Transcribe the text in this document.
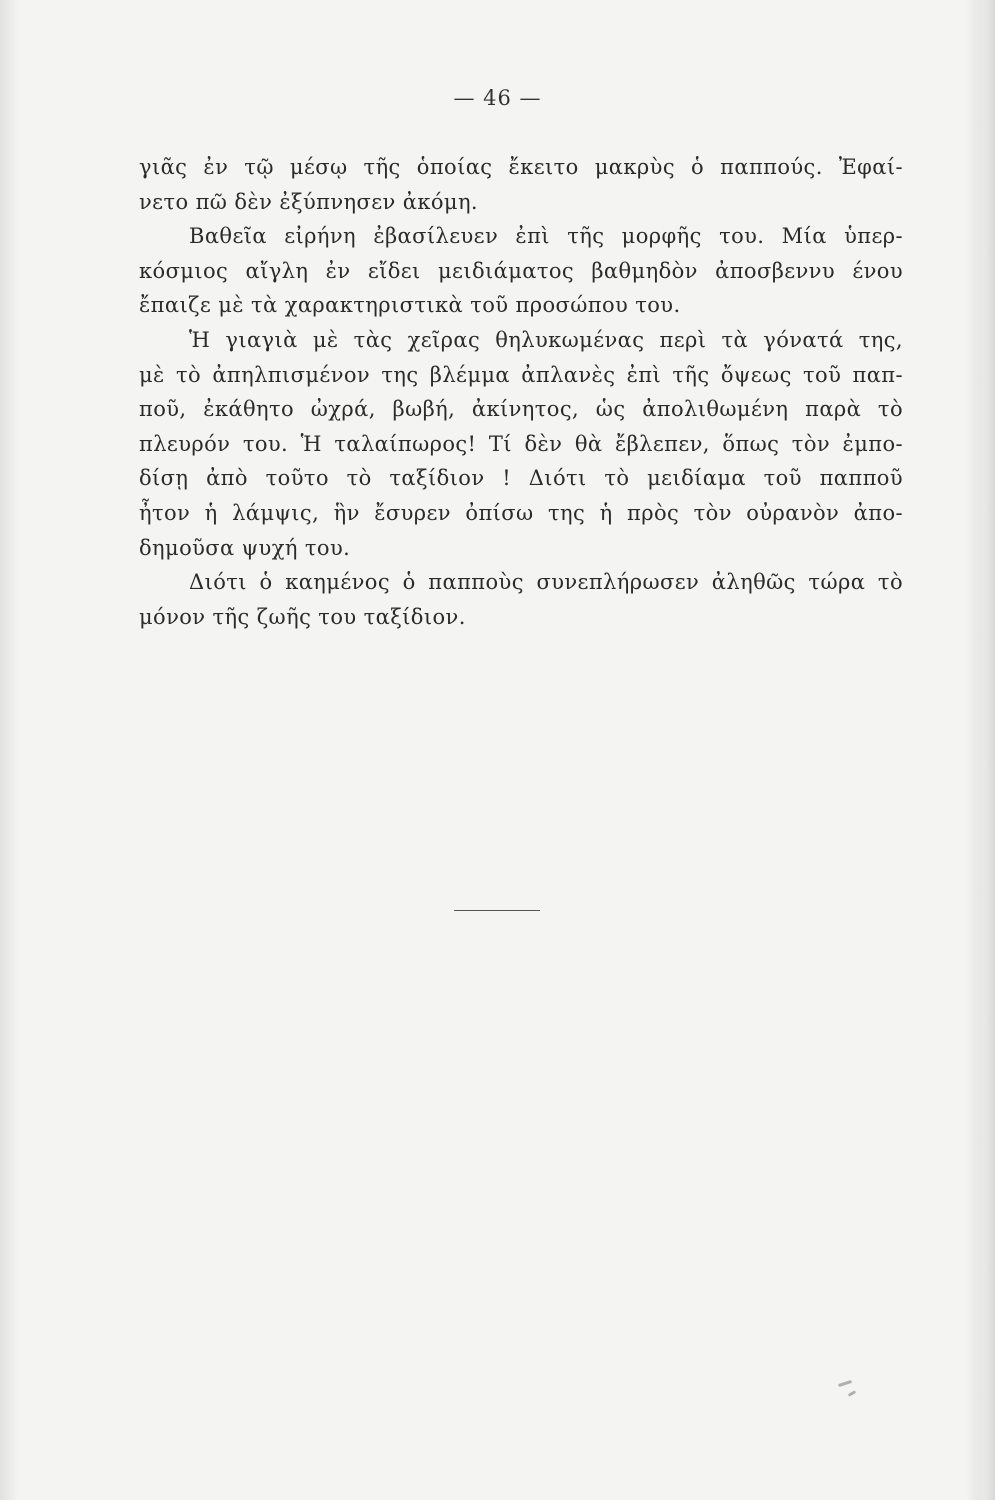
— 46 —
γιᾶς ἐν τῷ μέσῳ τῆς ὁποίας ἔκειτο μακρὺς ὁ παππούς. Ἐφαί-
νετο πῶ δὲν ἐξύπνησεν ἀκόμη.
Βαθεῖα εἰρήνη ἐβασίλευεν ἐπὶ τῆς μορφῆς του. Μία ὑπερ-
κόσμιος αἴγλη ἐν εἴδει μειδιάματος βαθμηδὸν ἀποσβεννυ ένου
ἔπαιζε μὲ τὰ χαρακτηριστικὰ τοῦ προσώπου του.
Ἡ γιαγιὰ μὲ τὰς χεῖρας θηλυκωμένας περὶ τὰ γόνατά της,
μὲ τὸ ἀπηλπισμένον της βλέμμα ἀπλανὲς ἐπὶ τῆς ὄψεως τοῦ παπ-
ποῦ, ἐκάθητο ὠχρά, βωβή, ἀκίνητος, ὡς ἀπολιθωμένη παρὰ τὸ
πλευρόν του. Ἡ ταλαίπωρος! Τί δὲν θὰ ἔβλεπεν, ὅπως τὸν ἐμπο-
δίσῃ ἀπὸ τοῦτο τὸ ταξίδιον ! Διότι τὸ μειδίαμα τοῦ παπποῦ
ἦτον ἡ λάμψις, ἣν ἔσυρεν ὀπίσω της ἡ πρὸς τὸν οὐρανὸν ἀπο-
δημοῦσα ψυχή του.
Διότι ὁ καημένος ὁ παπποὺς συνεπλήρωσεν ἀληθῶς τώρα τὸ
μόνον τῆς ζωῆς του ταξίδιον.
